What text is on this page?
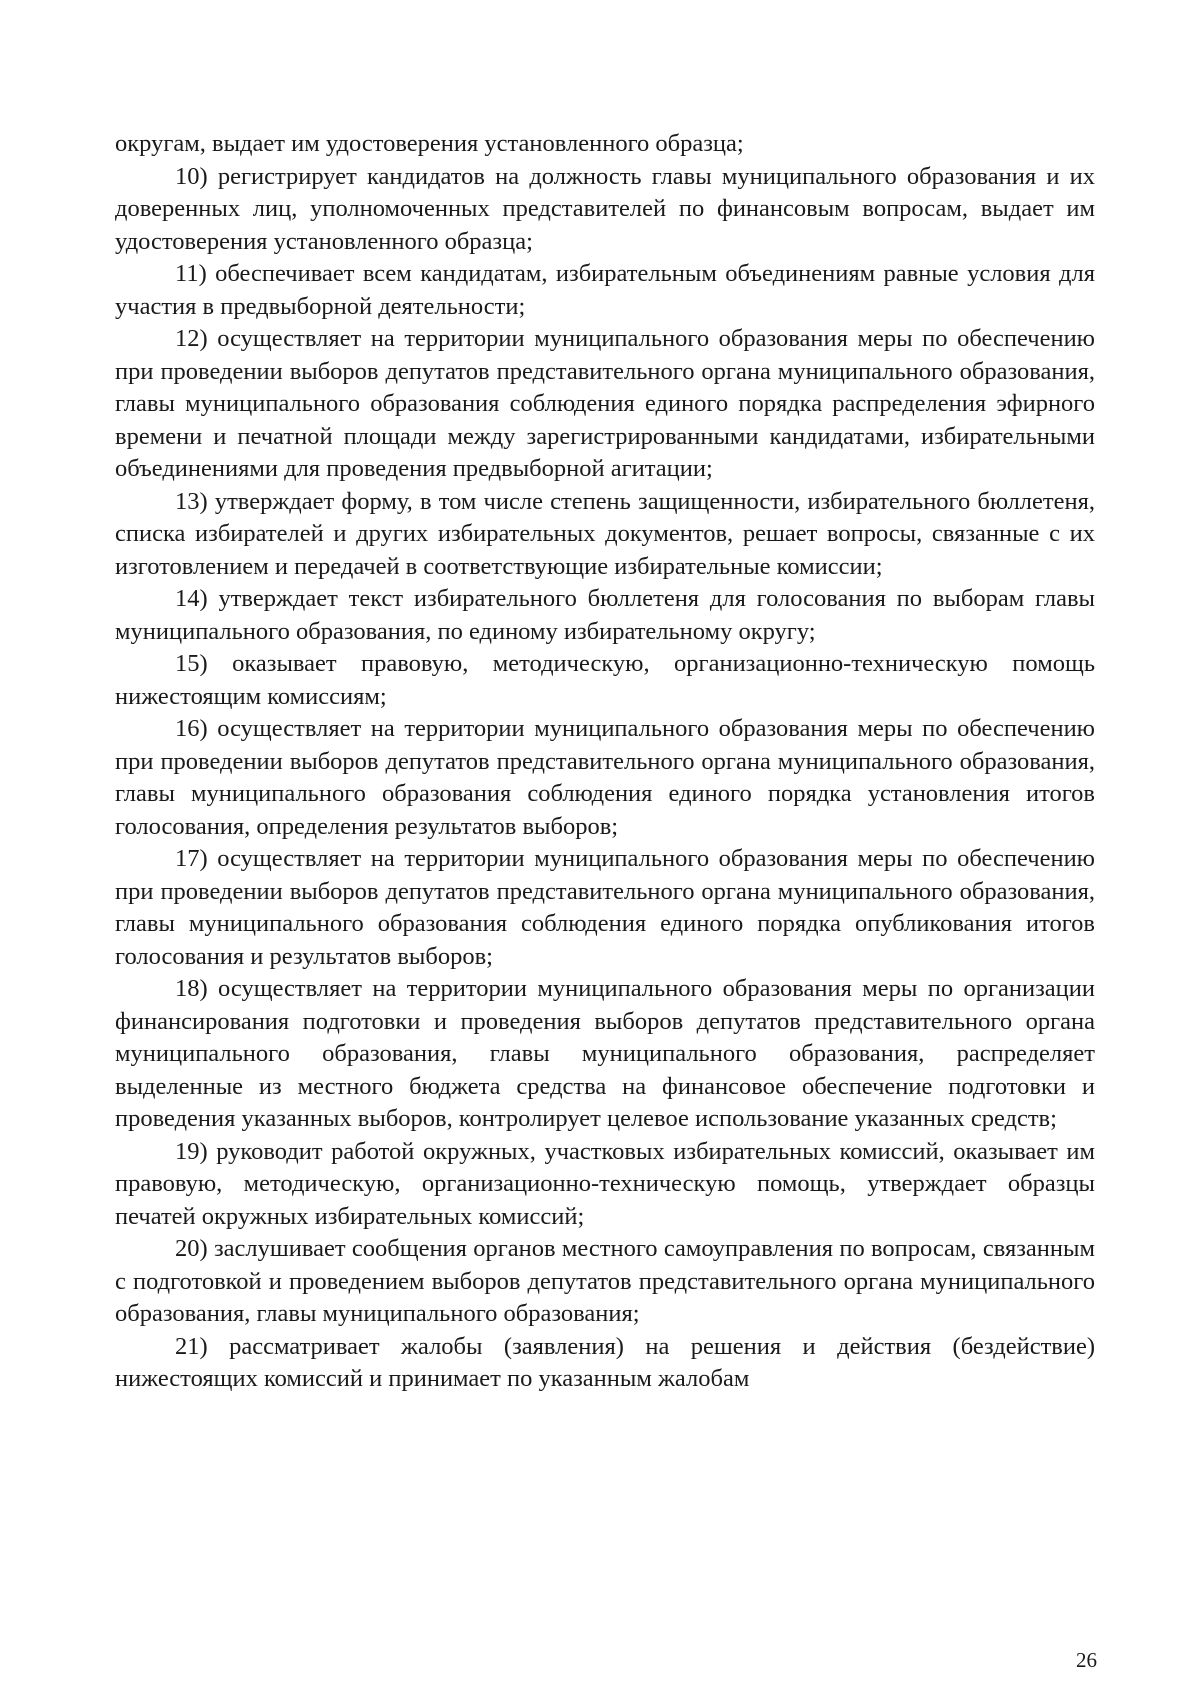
округам, выдает им удостоверения установленного образца;

10) регистрирует кандидатов на должность главы муниципального образования и их доверенных лиц, уполномоченных представителей по финансовым вопросам, выдает им удостоверения установленного образца;

11) обеспечивает всем кандидатам, избирательным объединениям равные условия для участия в предвыборной деятельности;

12) осуществляет на территории муниципального образования меры по обеспечению при проведении выборов депутатов представительного органа муниципального образования, главы муниципального образования соблюдения единого порядка распределения эфирного времени и печатной площади между зарегистрированными кандидатами, избирательными объединениями для проведения предвыборной агитации;

13) утверждает форму, в том числе степень защищенности, избирательного бюллетеня, списка избирателей и других избирательных документов, решает вопросы, связанные с их изготовлением и передачей в соответствующие избирательные комиссии;

14) утверждает текст избирательного бюллетеня для голосования по выборам главы муниципального образования, по единому избирательному округу;

15) оказывает правовую, методическую, организационно-техническую помощь нижестоящим комиссиям;

16) осуществляет на территории муниципального образования меры по обеспечению при проведении выборов депутатов представительного органа муниципального образования, главы муниципального образования соблюдения единого порядка установления итогов голосования, определения результатов выборов;

17) осуществляет на территории муниципального образования меры по обеспечению при проведении выборов депутатов представительного органа муниципального образования, главы муниципального образования соблюдения единого порядка опубликования итогов голосования и результатов выборов;

18) осуществляет на территории муниципального образования меры по организации финансирования подготовки и проведения выборов депутатов представительного органа муниципального образования, главы муниципального образования, распределяет выделенные из местного бюджета средства на финансовое обеспечение подготовки и проведения указанных выборов, контролирует целевое использование указанных средств;

19) руководит работой окружных, участковых избирательных комиссий, оказывает им правовую, методическую, организационно-техническую помощь, утверждает образцы печатей окружных избирательных комиссий;

20) заслушивает сообщения органов местного самоуправления по вопросам, связанным с подготовкой и проведением выборов депутатов представительного органа муниципального образования, главы муниципального образования;

21) рассматривает жалобы (заявления) на решения и действия (бездействие) нижестоящих комиссий и принимает по указанным жалобам

26
